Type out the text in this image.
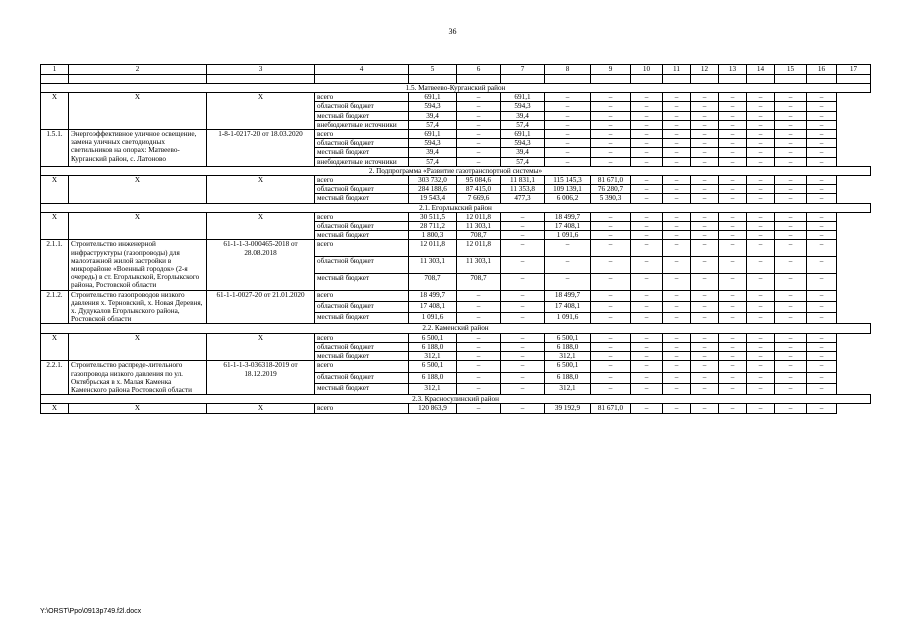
36
1	2	3	4	5	6	7	8	9	10	11	12	13	14	15	16	17

1.5. Матвеево-Курганский район																
X	X	X	всего	691,1	–	691,1	–	–	–	–	–	–	–	–	–	
			областной бюджет	594,3	–	594,3	–	–	–	–	–	–	–	–	–	
			местный бюджет	39,4	–	39,4	–	–	–	–	–	–	–	–	–	
			внебюджетные источники	57,4	–	57,4	–	–	–	–	–	–	–	–	–	
1.5.1.	Энергоэффективное уличное освещение, замена уличных светодиодных светильников на опорах: Матвеево-Курганский район, с. Латоново	1-8-1-0217-20 от 18.03.2020	всего	691,1	–	691,1	–	–	–	–	–	–	–	–	–	
			областной бюджет	594,3	–	594,3	–	–	–	–	–	–	–	–	–	
			местный бюджет	39,4	–	39,4	–	–	–	–	–	–	–	–	–	
			внебюджетные источники	57,4	–	57,4	–	–	–	–	–	–	–	–	–	
2. Подпрограмма «Развитие газотранспортной системы»																
X	X	X	всего	303 732,0	95 084,6	11 831,1	115 145,3	81 671,0	–	–	–	–	–	–	–	
			областной бюджет	284 188,6	87 415,0	11 353,8	109 139,1	76 280,7	–	–	–	–	–	–	–	
			местный бюджет	19 543,4	7 669,6	477,3	6 006,2	5 390,3	–	–	–	–	–	–	–	
2.1. Егорлыкский район																
X	X	X	всего	30 511,5	12 011,8	–	18 499,7	–	–	–	–	–	–	–	–	
			областной бюджет	28 711,2	11 303,1	–	17 408,1	–	–	–	–	–	–	–	–	
			местный бюджет	1 800,3	708,7	–	1 091,6	–	–	–	–	–	–	–	–	
2.1.1.	Строительство инженерной инфраструктуры (газопроводы) для малоэтажной жилой застройки в микрорайоне «Военный городок» (2-я очередь) в ст. Егорлыкской, Егорлыкского района, Ростовской области	61-1-1-3-000465-2018 от 28.08.2018	всего	12 011,8	12 011,8	–	–	–	–	–	–	–	–	–	–	
			областной бюджет	11 303,1	11 303,1	–	–	–	–	–	–	–	–	–	–	
			местный бюджет	708,7	708,7	–	–	–	–	–	–	–	–	–	–	
2.1.2.	Строительство газопроводов низкого давления х. Терновский, х. Новая Деревня, х. Дудукалов Егорлыкского района, Ростовской области	61-1-1-0027-20 от 21.01.2020	всего	18 499,7	–	–	18 499,7	–	–	–	–	–	–	–	–	
			областной бюджет	17 408,1	–	–	17 408,1	–	–	–	–	–	–	–	–	
			местный бюджет	1 091,6	–	–	1 091,6	–	–	–	–	–	–	–	–	
2.2. Каменский район																
X	X	X	всего	6 500,1	–	–	6 500,1	–	–	–	–	–	–	–	–	
			областной бюджет	6 188,0	–	–	6 188,0	–	–	–	–	–	–	–	–	
			местный бюджет	312,1	–	–	312,1	–	–	–	–	–	–	–	–	
2.2.1.	Строительство распреде-лительного газопровода низкого давления по ул. Октябрьская в х. Малая Каменка Каменского района Ростовской области	61-1-1-3-036318-2019 от 18.12.2019	всего	6 500,1	–	–	6 500,1	–	–	–	–	–	–	–	–	
			областной бюджет	6 188,0	–	–	6 188,0	–	–	–	–	–	–	–	–	
			местный бюджет	312,1	–	–	312,1	–	–	–	–	–	–	–	–	
2.3. Красносулинский район																
X	X	X	всего	120 863,9	–	–	39 192,9	81 671,0	–	–	–	–	–	–	–	
Y:\ORST\Ppo\0913p749.f2l.docx
